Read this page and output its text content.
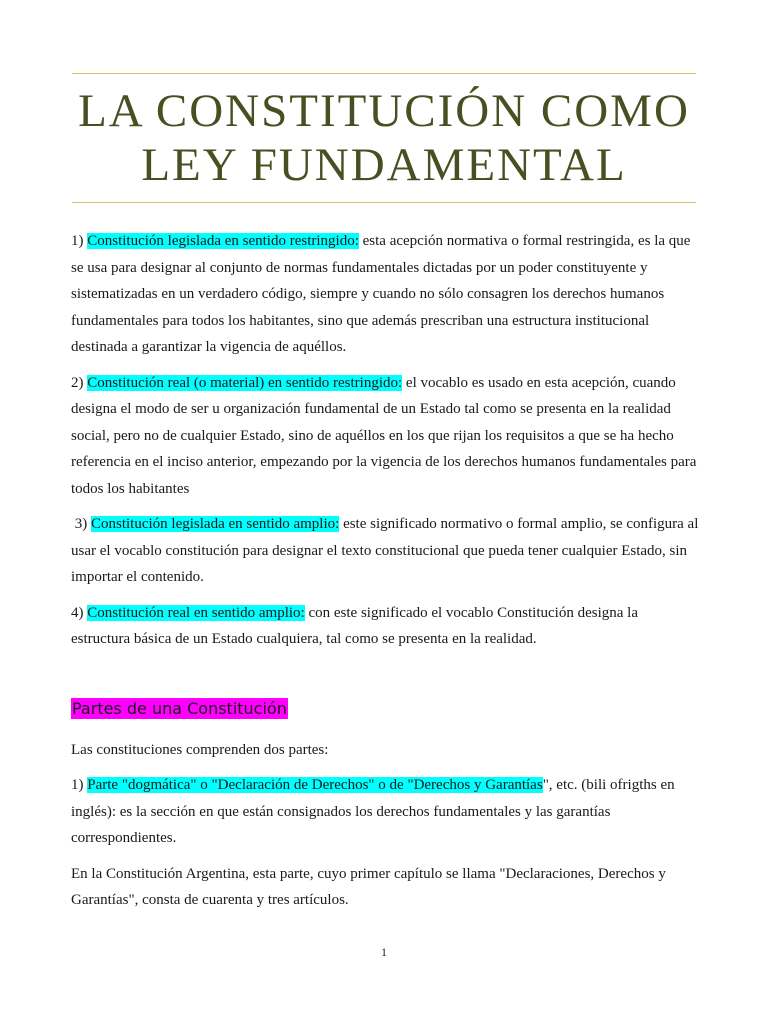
LA CONSTITUCIÓN COMO
LEY FUNDAMENTAL

1) Constitución legislada en sentido restringido: esta acepción normativa o formal restringida, es la que se usa para designar al conjunto de normas fundamentales dictadas por un poder constituyente y sistematizadas en un verdadero código, siempre y cuando no sólo consagren los derechos humanos fundamentales para todos los habitantes, sino que además prescriban una estructura institucional destinada a garantizar la vigencia de aquéllos.

2) Constitución real (o material) en sentido restringido: el vocablo es usado en esta acepción, cuando designa el modo de ser u organización fundamental de un Estado tal como se presenta en la realidad social, pero no de cualquier Estado, sino de aquéllos en los que rijan los requisitos a que se ha hecho referencia en el inciso anterior, empezando por la vigencia de los derechos humanos fundamentales para todos los habitantes

3) Constitución legislada en sentido amplio: este significado normativo o formal amplio, se configura al usar el vocablo constitución para designar el texto constitucional que pueda tener cualquier Estado, sin importar el contenido.

4) Constitución real en sentido amplio: con este significado el vocablo Constitución designa la estructura básica de un Estado cualquiera, tal como se presenta en la realidad.

Partes de una Constitución

Las constituciones comprenden dos partes:

1) Parte "dogmática" o "Declaración de Derechos" o de "Derechos y Garantías", etc. (bili ofrigths en inglés): es la sección en que están consignados los derechos fundamentales y las garantías correspondientes.

En la Constitución Argentina, esta parte, cuyo primer capítulo se llama "Declaraciones, Derechos y Garantías", consta de cuarenta y tres artículos.

1
